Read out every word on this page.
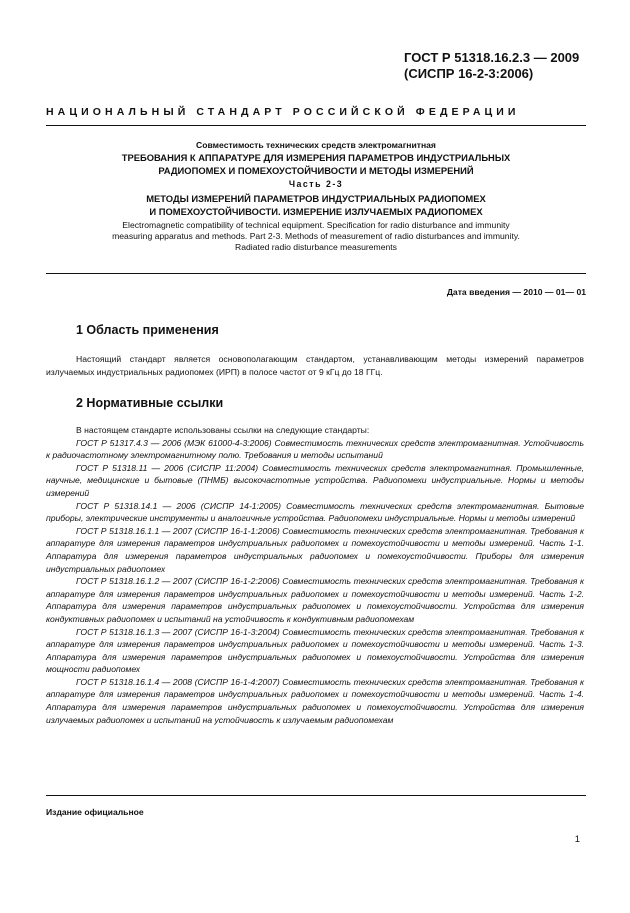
ГОСТ Р 51318.16.2.3 — 2009
(СИСПР 16-2-3:2006)
НАЦИОНАЛЬНЫЙ СТАНДАРТ РОССИЙСКОЙ ФЕДЕРАЦИИ
Совместимость технических средств электромагнитная
ТРЕБОВАНИЯ К АППАРАТУРЕ ДЛЯ ИЗМЕРЕНИЯ ПАРАМЕТРОВ ИНДУСТРИАЛЬНЫХ
РАДИОПОМЕХ И ПОМЕХОУСТОЙЧИВОСТИ И МЕТОДЫ ИЗМЕРЕНИЙ
Часть 2-3
МЕТОДЫ ИЗМЕРЕНИЙ ПАРАМЕТРОВ ИНДУСТРИАЛЬНЫХ РАДИОПОМЕХ
И ПОМЕХОУСТОЙЧИВОСТИ. ИЗМЕРЕНИЕ ИЗЛУЧАЕМЫХ РАДИОПОМЕХ
Electromagnetic compatibility of technical equipment. Specification for radio disturbance and immunity
measuring apparatus and methods. Part 2-3. Methods of measurement of radio disturbances and immunity.
Radiated radio disturbance measurements
Дата введения — 2010 — 01— 01
1 Область применения

Настоящий стандарт является основополагающим стандартом, устанавливающим методы измерений параметров излучаемых индустриальных радиопомех (ИРП) в полосе частот от 9 кГц до 18 ГГц.

2 Нормативные ссылки

В настоящем стандарте использованы ссылки на следующие стандарты:

ГОСТ Р 51317.4.3 — 2006 (МЭК 61000-4-3:2006) Совместимость технических средств электромагнитная. Устойчивость к радиочастотному электромагнитному полю. Требования и методы испытаний

ГОСТ Р 51318.11 — 2006 (СИСПР 11:2004) Совместимость технических средств электромагнитная. Промышленные, научные, медицинские и бытовые (ПНМБ) высокочастотные устройства. Радиопомехи индустриальные. Нормы и методы измерений

ГОСТ Р 51318.14.1 — 2006 (СИСПР 14-1:2005) Совместимость технических средств электромагнитная. Бытовые приборы, электрические инструменты и аналогичные устройства. Радиопомехи индустриальные. Нормы и методы измерений

ГОСТ Р 51318.16.1.1 — 2007 (СИСПР 16-1-1:2006) Совместимость технических средств электромагнитная. Требования к аппаратуре для измерения параметров индустриальных радиопомех и помехоустойчивости и методы измерений. Часть 1-1. Аппаратура для измерения параметров индустриальных радиопомех и помехоустойчивости. Приборы для измерения индустриальных радиопомех

ГОСТ Р 51318.16.1.2 — 2007 (СИСПР 16-1-2:2006) Совместимость технических средств электромагнитная. Требования к аппаратуре для измерения параметров индустриальных радиопомех и помехоустойчивости и методы измерений. Часть 1-2. Аппаратура для измерения параметров индустриальных радиопомех и помехоустойчивости. Устройства для измерения кондуктивных радиопомех и испытаний на устойчивость к кондуктивным радиопомехам

ГОСТ Р 51318.16.1.3 — 2007 (СИСПР 16-1-3:2004) Совместимость технических средств электромагнитная. Требования к аппаратуре для измерения параметров индустриальных радиопомех и помехоустойчивости и методы измерений. Часть 1-3. Аппаратура для измерения параметров индустриальных радиопомех и помехоустойчивости. Устройства для измерения мощности радиопомех

ГОСТ Р 51318.16.1.4 — 2008 (СИСПР 16-1-4:2007) Совместимость технических средств электромагнитная. Требования к аппаратуре для измерения параметров индустриальных радиопомех и помехоустойчивости и методы измерений. Часть 1-4. Аппаратура для измерения параметров индустриальных радиопомех и помехоустойчивости. Устройства для измерения излучаемых радиопомех и испытаний на устойчивость к излучаемым радиопомехам

Издание официальное
1
